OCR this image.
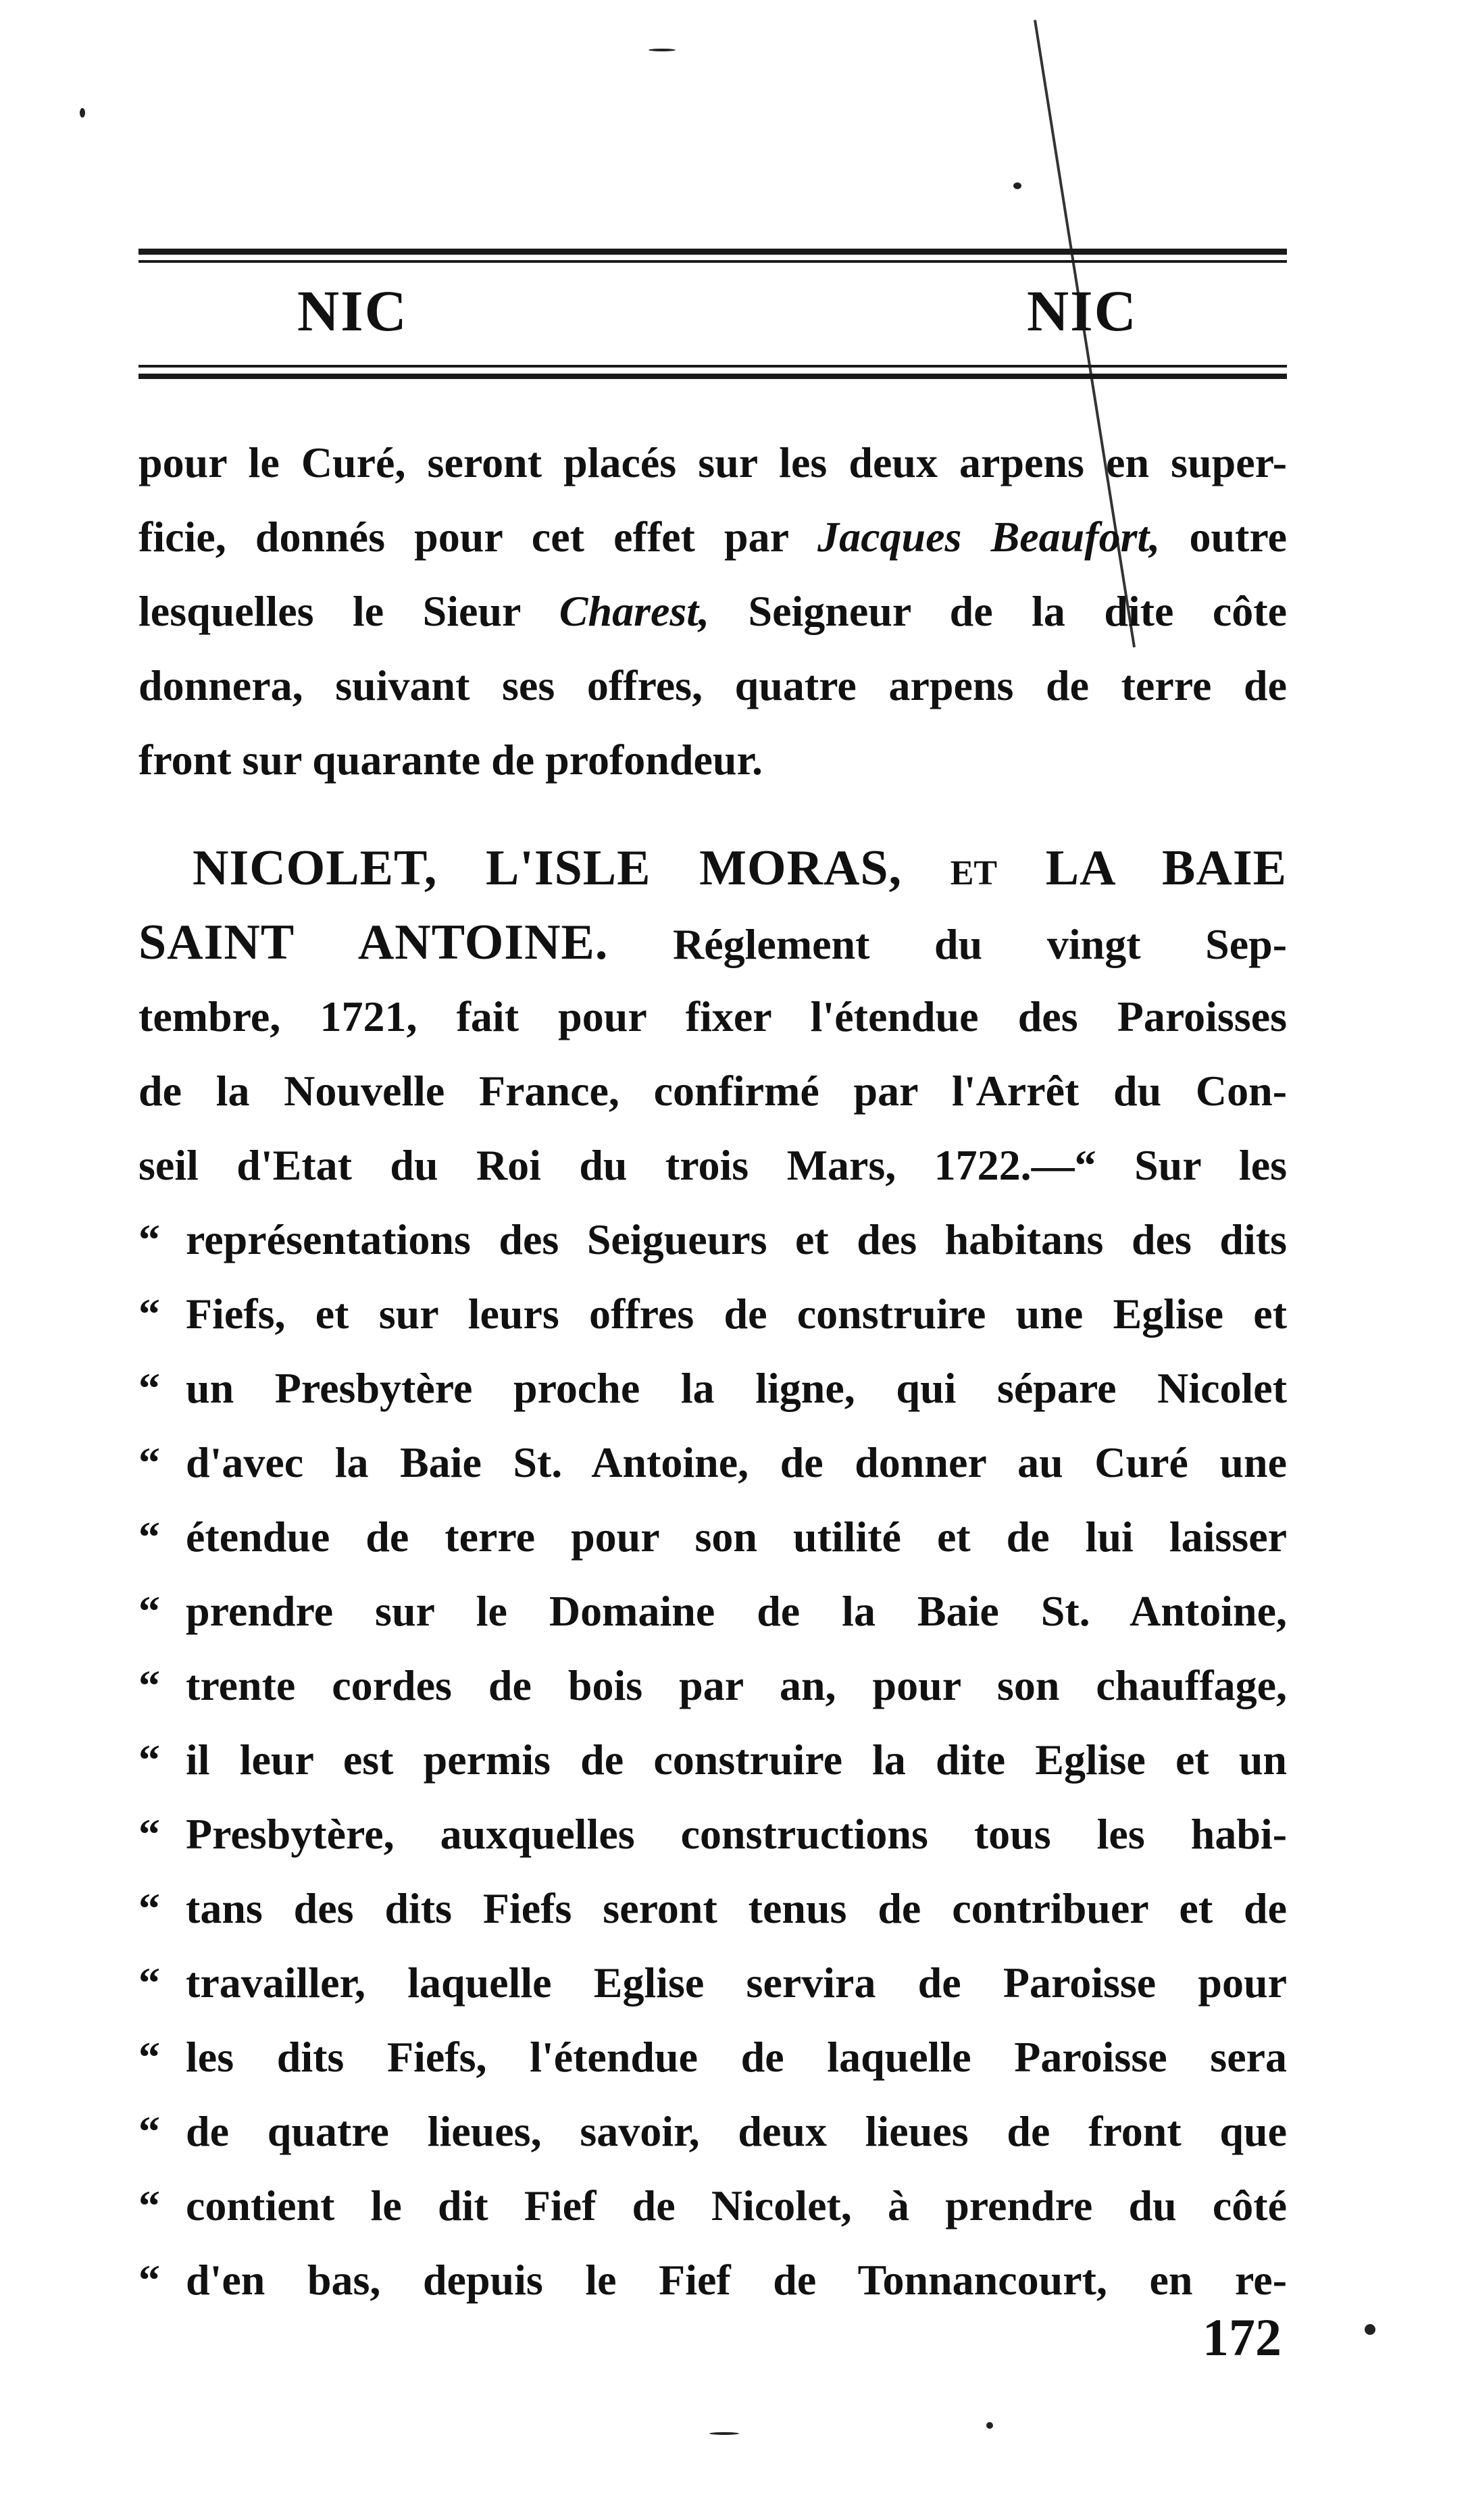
NIC	NIC
pour le Curé, seront placés sur les deux arpens en super-
ficie, donnés pour cet effet par Jacques Beaufort, outre
lesquelles le Sieur Charest, Seigneur de la dite côte
donnera, suivant ses offres, quatre arpens de terre de
front sur quarante de profondeur.
NICOLET, L'ISLE MORAS, ET LA BAIE
SAINT ANTOINE. Réglement du vingt Sep-
tembre, 1721, fait pour fixer l'étendue des Paroisses
de la Nouvelle France, confirmé par l'Arrêt du Con-
seil d'Etat du Roi du trois Mars, 1722.—“ Sur les
“ représentations des Seigueurs et des habitans des dits
“ Fiefs, et sur leurs offres de construire une Eglise et
“ un Presbytère proche la ligne, qui sépare Nicolet
“ d'avec la Baie St. Antoine, de donner au Curé une
“ étendue de terre pour son utilité et de lui laisser
“ prendre sur le Domaine de la Baie St. Antoine,
“ trente cordes de bois par an, pour son chauffage,
“ il leur est permis de construire la dite Eglise et un
“ Presbytère, auxquelles constructions tous les habi-
“ tans des dits Fiefs seront tenus de contribuer et de
“ travailler, laquelle Eglise servira de Paroisse pour
“ les dits Fiefs, l'étendue de laquelle Paroisse sera
“ de quatre lieues, savoir, deux lieues de front que
“ contient le dit Fief de Nicolet, à prendre du côté
“ d'en bas, depuis le Fief de Tonnancourt, en re-
172
